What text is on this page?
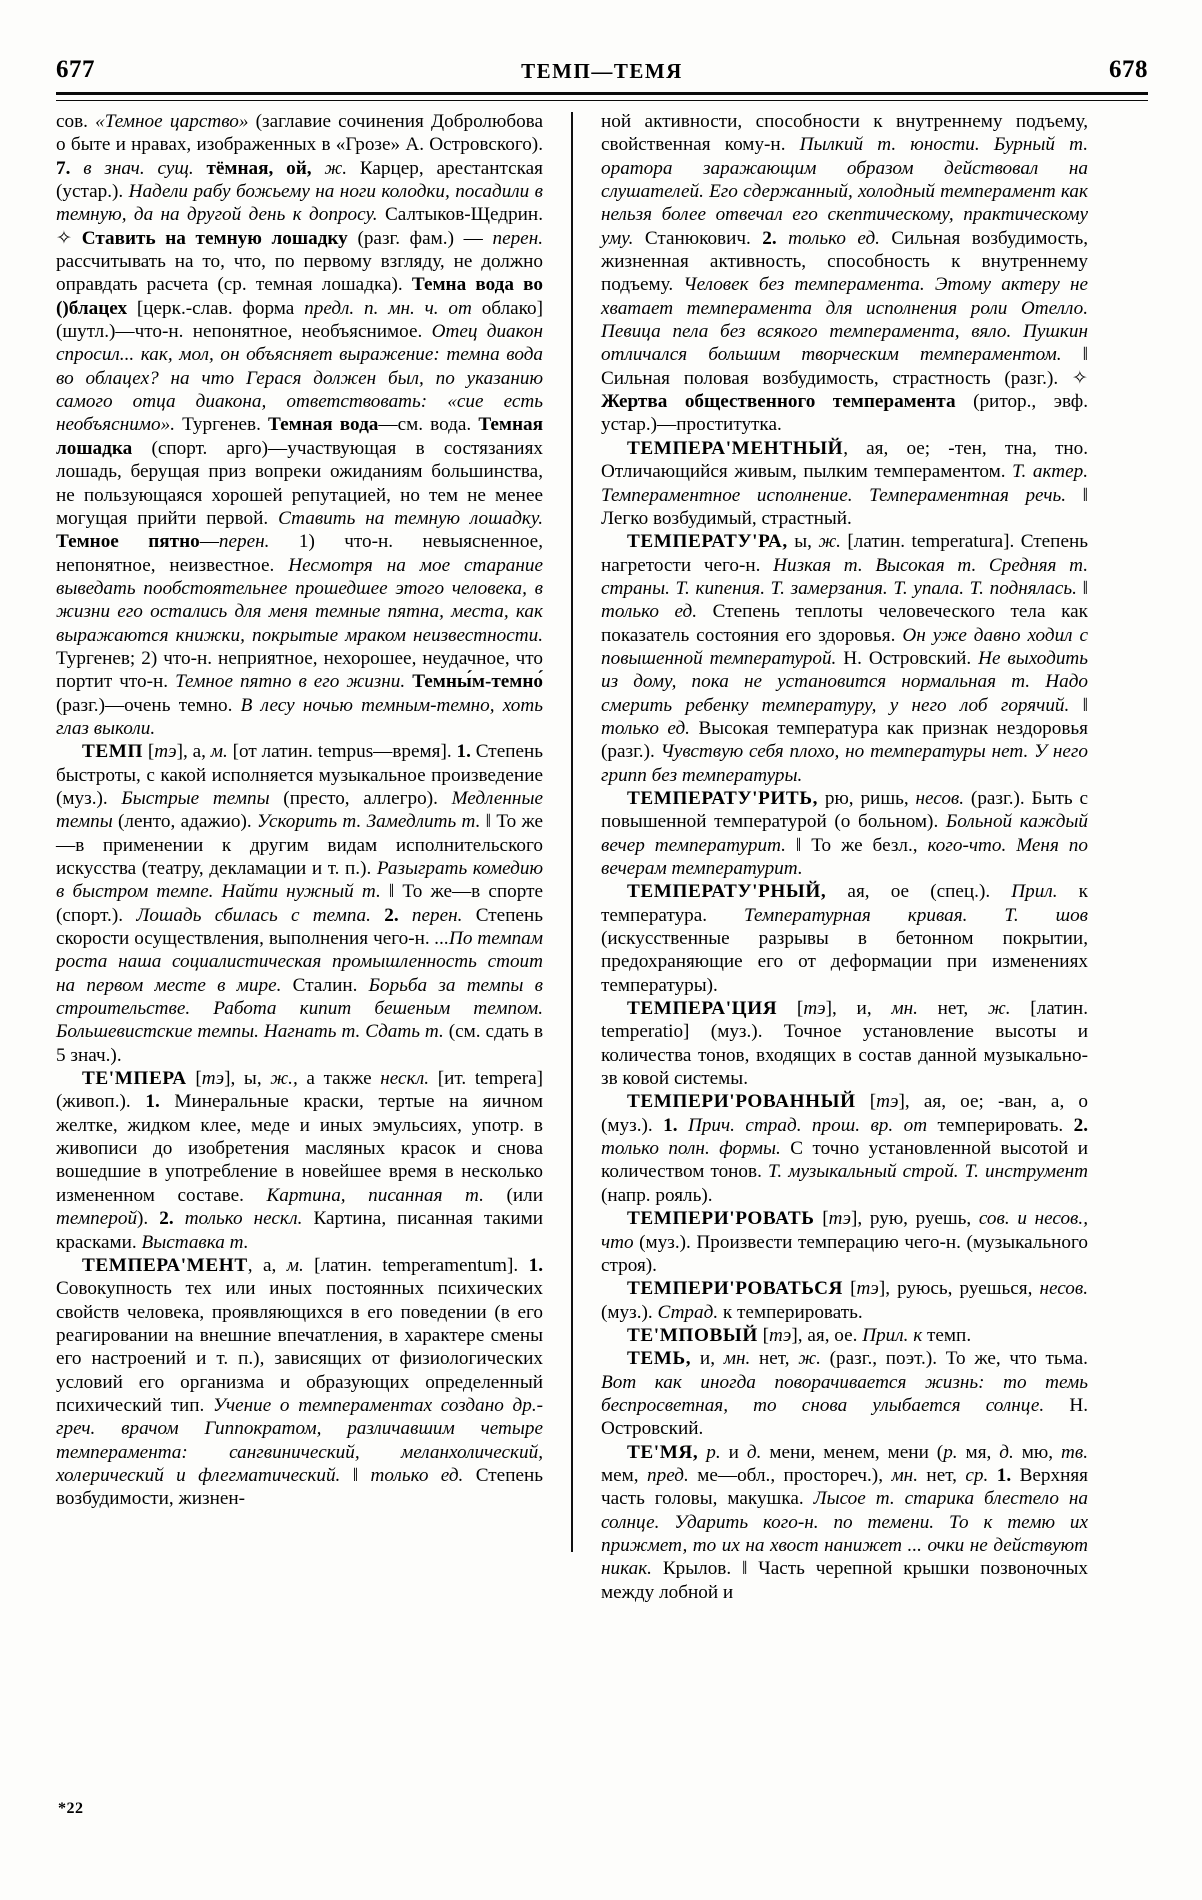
677	ТЕМП—ТЕМЯ	678

сов. «Темное царство» (заглавие сочинения Добролюбова о быте и нравах, изображенных в «Грозе» А. Островского). 7. в знач. сущ. тёмная, ой, ж. Карцер, арестантская (устар.). Надели рабу божьему на ноги колодки, посадили в темную, да на другой день к допросу. Салтыков-Щедрин. ✧ Ставить на темную лошадку (разг. фам.) — перен. рассчитывать на то, что, по первому взгляду, не должно оправдать расчета (ср. темная лошадка). Темна вода во ()блацех [церк.-слав. форма предл. п. мн. ч. от облако] (шутл.)—что-н. непонятное, необъяснимое. Отец диакон спросил... как, мол, он объясняет выражение: темна вода во облацех? на что Герася должен был, по указанию самого отца диакона, ответствовать: «сие есть необъяснимо». Тургенев. Темная вода—см. вода. Темная лошадка (спорт. арго)—участвующая в состязаниях лошадь, берущая приз вопреки ожиданиям большинства, не пользующаяся хорошей репутацией, но тем не менее могущая прийти первой. Ставить на темную лошадку. Темное пятно—перен. 1) что-н. невыясненное, непонятное, неизвестное. Несмотря на мое старание выведать пообстоятельнее прошедшее этого человека, в жизни его остались для меня темные пятна, места, как выражаются книжки, покрытые мраком неизвестности. Тургенев; 2) что-н. неприятное, нехорошее, неудачное, что портит что-н. Темное пятно в его жизни. Темны́м-темно́ (разг.)—очень темно. В лесу ночью темным-темно, хоть глаз выколи.

ТЕМП [тэ], а, м. [от латин. tempus—время]. 1. Степень быстроты, с какой исполняется музыкальное произведение (муз.). Быстрые темпы (престо, аллегро). Медленные темпы (ленто, адажио). Ускорить т. Замедлить т. ‖ То же—в применении к другим видам исполнительского искусства (театру, декламации и т. п.). Разыграть комедию в быстром темпе. Найти нужный т. ‖ То же—в спорте (спорт.). Лошадь сбилась с темпа. 2. перен. Степень скорости осуществления, выполнения чего-н. ...По темпам роста наша социалистическая промышленность стоит на первом месте в мире. Сталин. Борьба за темпы в строительстве. Работа кипит бешеным темпом. Большевистские темпы. Нагнать т. Сдать т. (см. сдать в 5 знач.).

ТЕ'МПЕРА [тэ], ы, ж., а также нескл. [ит. tempera] (живоп.). 1. Минеральные краски, тертые на яичном желтке, жидком клее, меде и иных эмульсиях, употр. в живописи до изобретения масляных красок и снова вошедшие в употребление в новейшее время в несколько измененном составе. Картина, писанная т. (или темперой). 2. только нескл. Картина, писанная такими красками. Выставка т.

ТЕМПЕРА'МЕНТ, а, м. [латин. temperamentum]. 1. Совокупность тех или иных постоянных психических свойств человека, проявляющихся в его поведении (в его реагировании на внешние впечатления, в характере смены его настроений и т. п.), зависящих от физиологических условий его организма и образующих определенный психический тип. Учение о темпераментах создано др.-греч. врачом Гиппократом, различавшим четыре темперамента: сангвинический, меланхолический, холерический и флегматический. ‖ только ед. Степень возбудимости, жизнен-

ной активности, способности к внутреннему подъему, свойственная кому-н. Пылкий т. юности. Бурный т. оратора заражающим образом действовал на слушателей. Его сдержанный, холодный темперамент как нельзя более отвечал его скептическому, практическому уму. Станюкович. 2. только ед. Сильная возбудимость, жизненная активность, способность к внутреннему подъему. Человек без темперамента. Этому актеру не хватает темперамента для исполнения роли Отелло. Певица пела без всякого темперамента, вяло. Пушкин отличался большим творческим темпераментом. ‖ Сильная половая возбудимость, страстность (разг.). ✧ Жертва общественного темперамента (ритор., эвф. устар.)—проститутка.

ТЕМПЕРА'МЕНТНЫЙ, ая, ое; -тен, тна, тно. Отличающийся живым, пылким темпераментом. Т. актер. Темпераментное исполнение. Темпераментная речь. ‖ Легко возбудимый, страстный.

ТЕМПЕРАТУ'РА, ы, ж. [латин. temperatura]. Степень нагретости чего-н. Низкая т. Высокая т. Средняя т. страны. Т. кипения. Т. замерзания. Т. упала. Т. поднялась. ‖ только ед. Степень теплоты человеческого тела как показатель состояния его здоровья. Он уже давно ходил с повышенной температурой. Н. Островский. Не выходить из дому, пока не установится нормальная т. Надо смерить ребенку температуру, у него лоб горячий. ‖ только ед. Высокая температура как признак нездоровья (разг.). Чувствую себя плохо, но температуры нет. У него грипп без температуры.

ТЕМПЕРАТУ'РИТЬ, рю, ришь, несов. (разг.). Быть с повышенной температурой (о больном). Больной каждый вечер температурит. ‖ То же безл., кого-что. Меня по вечерам температурит.

ТЕМПЕРАТУ'РНЫЙ, ая, ое (спец.). Прил. к температура. Температурная кривая. Т. шов (искусственные разрывы в бетонном покрытии, предохраняющие его от деформации при изменениях температуры).

ТЕМПЕРА'ЦИЯ [тэ], и, мн. нет, ж. [латин. temperatio] (муз.). Точное установление высоты и количества тонов, входящих в состав данной музыкально-зв ковой системы.

ТЕМПЕРИ'РОВАННЫЙ [тэ], ая, ое; -ван, а, о (муз.). 1. Прич. страд. прош. вр. от темперировать. 2. только полн. формы. С точно установленной высотой и количеством тонов. Т. музыкальный строй. Т. инструмент (напр. рояль).

ТЕМПЕРИ'РОВАТЬ [тэ], рую, руешь, сов. и несов., что (муз.). Произвести темперацию чего-н. (музыкального строя).

ТЕМПЕРИ'РОВАТЬСЯ [тэ], руюсь, руешься, несов. (муз.). Страд. к темперировать.

ТЕ'МПОВЫЙ [тэ], ая, ое. Прил. к темп.

ТЕМЬ, и, мн. нет, ж. (разг., поэт.). То же, что тьма. Вот как иногда поворачивается жизнь: то темь беспросветная, то снова улыбается солнце. Н. Островский.

ТЕ'МЯ, р. и д. мени, менем, мени (р. мя, д. мю, тв. мем, пред. ме—обл., простореч.), мн. нет, ср. 1. Верхняя часть головы, макушка. Лысое т. старика блестело на солнце. Ударить кого-н. по темени. То к темю их прижмет, то их на хвост нанижет ... очки не действуют никак. Крылов. ‖ Часть черепной крышки позвоночных между лобной и

*22
